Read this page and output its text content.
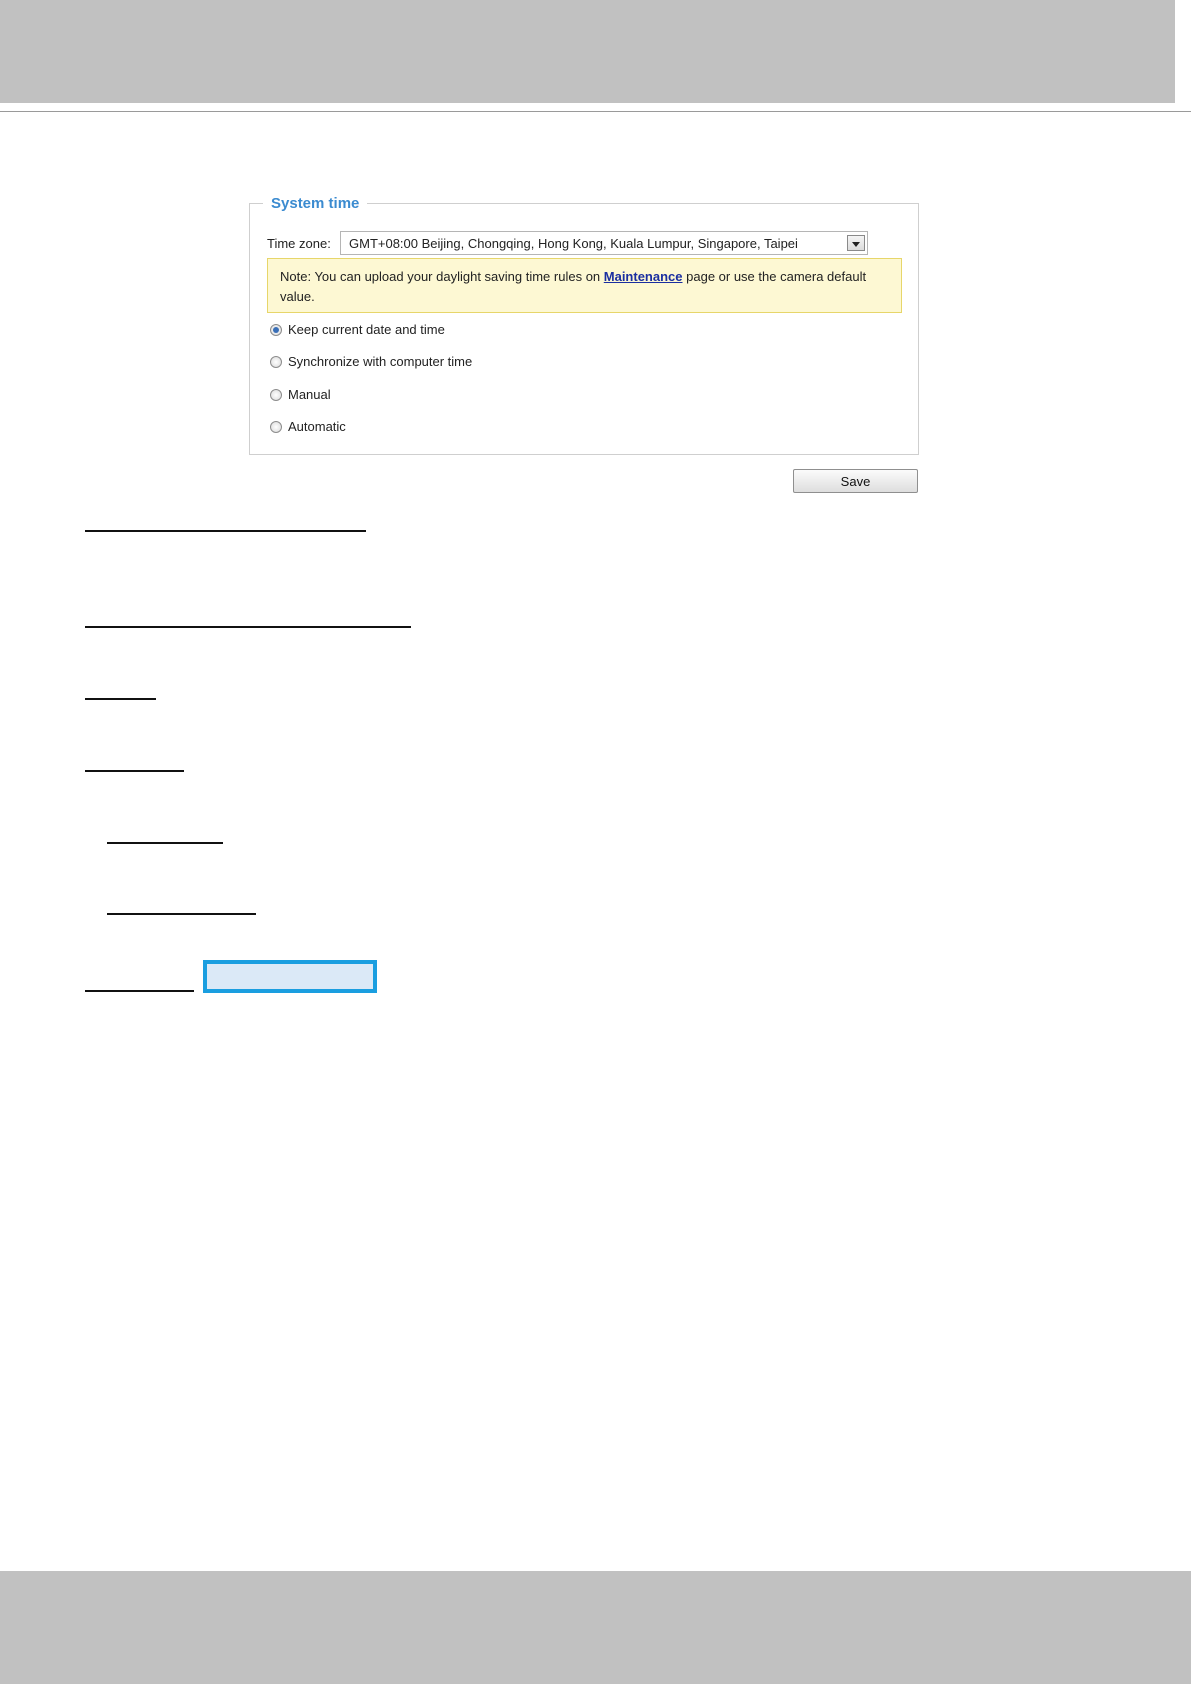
System time
Time zone: GMT+08:00 Beijing, Chongqing, Hong Kong, Kuala Lumpur, Singapore, Taipei
Note: You can upload your daylight saving time rules on Maintenance page or use the camera default value.
Keep current date and time
Synchronize with computer time
Manual
Automatic
Save
